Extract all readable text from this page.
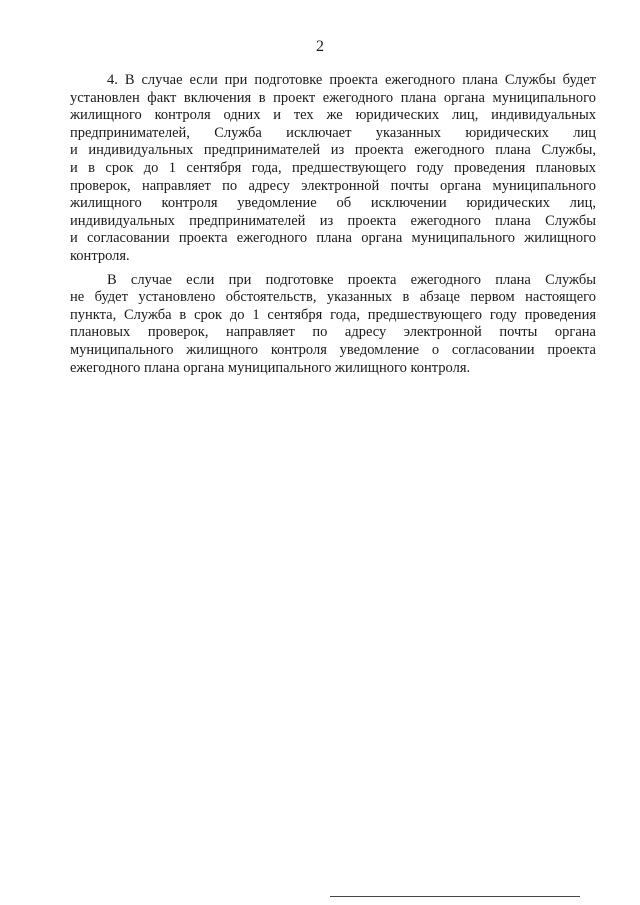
2
4. В случае если при подготовке проекта ежегодного плана Службы будет
установлен факт включения в проект ежегодного плана органа муниципального
жилищного контроля одних и тех же юридических лиц, индивидуальных
предпринимателей, Служба исключает указанных юридических лиц
и индивидуальных предпринимателей из проекта ежегодного плана Службы,
и в срок до 1 сентября года, предшествующего году проведения плановых
проверок, направляет по адресу электронной почты органа муниципального
жилищного контроля уведомление об исключении юридических лиц,
индивидуальных предпринимателей из проекта ежегодного плана Службы
и согласовании проекта ежегодного плана органа муниципального жилищного
контроля.
В случае если при подготовке проекта ежегодного плана Службы
не будет установлено обстоятельств, указанных в абзаце первом настоящего
пункта, Служба в срок до 1 сентября года, предшествующего году проведения
плановых проверок, направляет по адресу электронной почты органа
муниципального жилищного контроля уведомление о согласовании проекта
ежегодного плана органа муниципального жилищного контроля.
